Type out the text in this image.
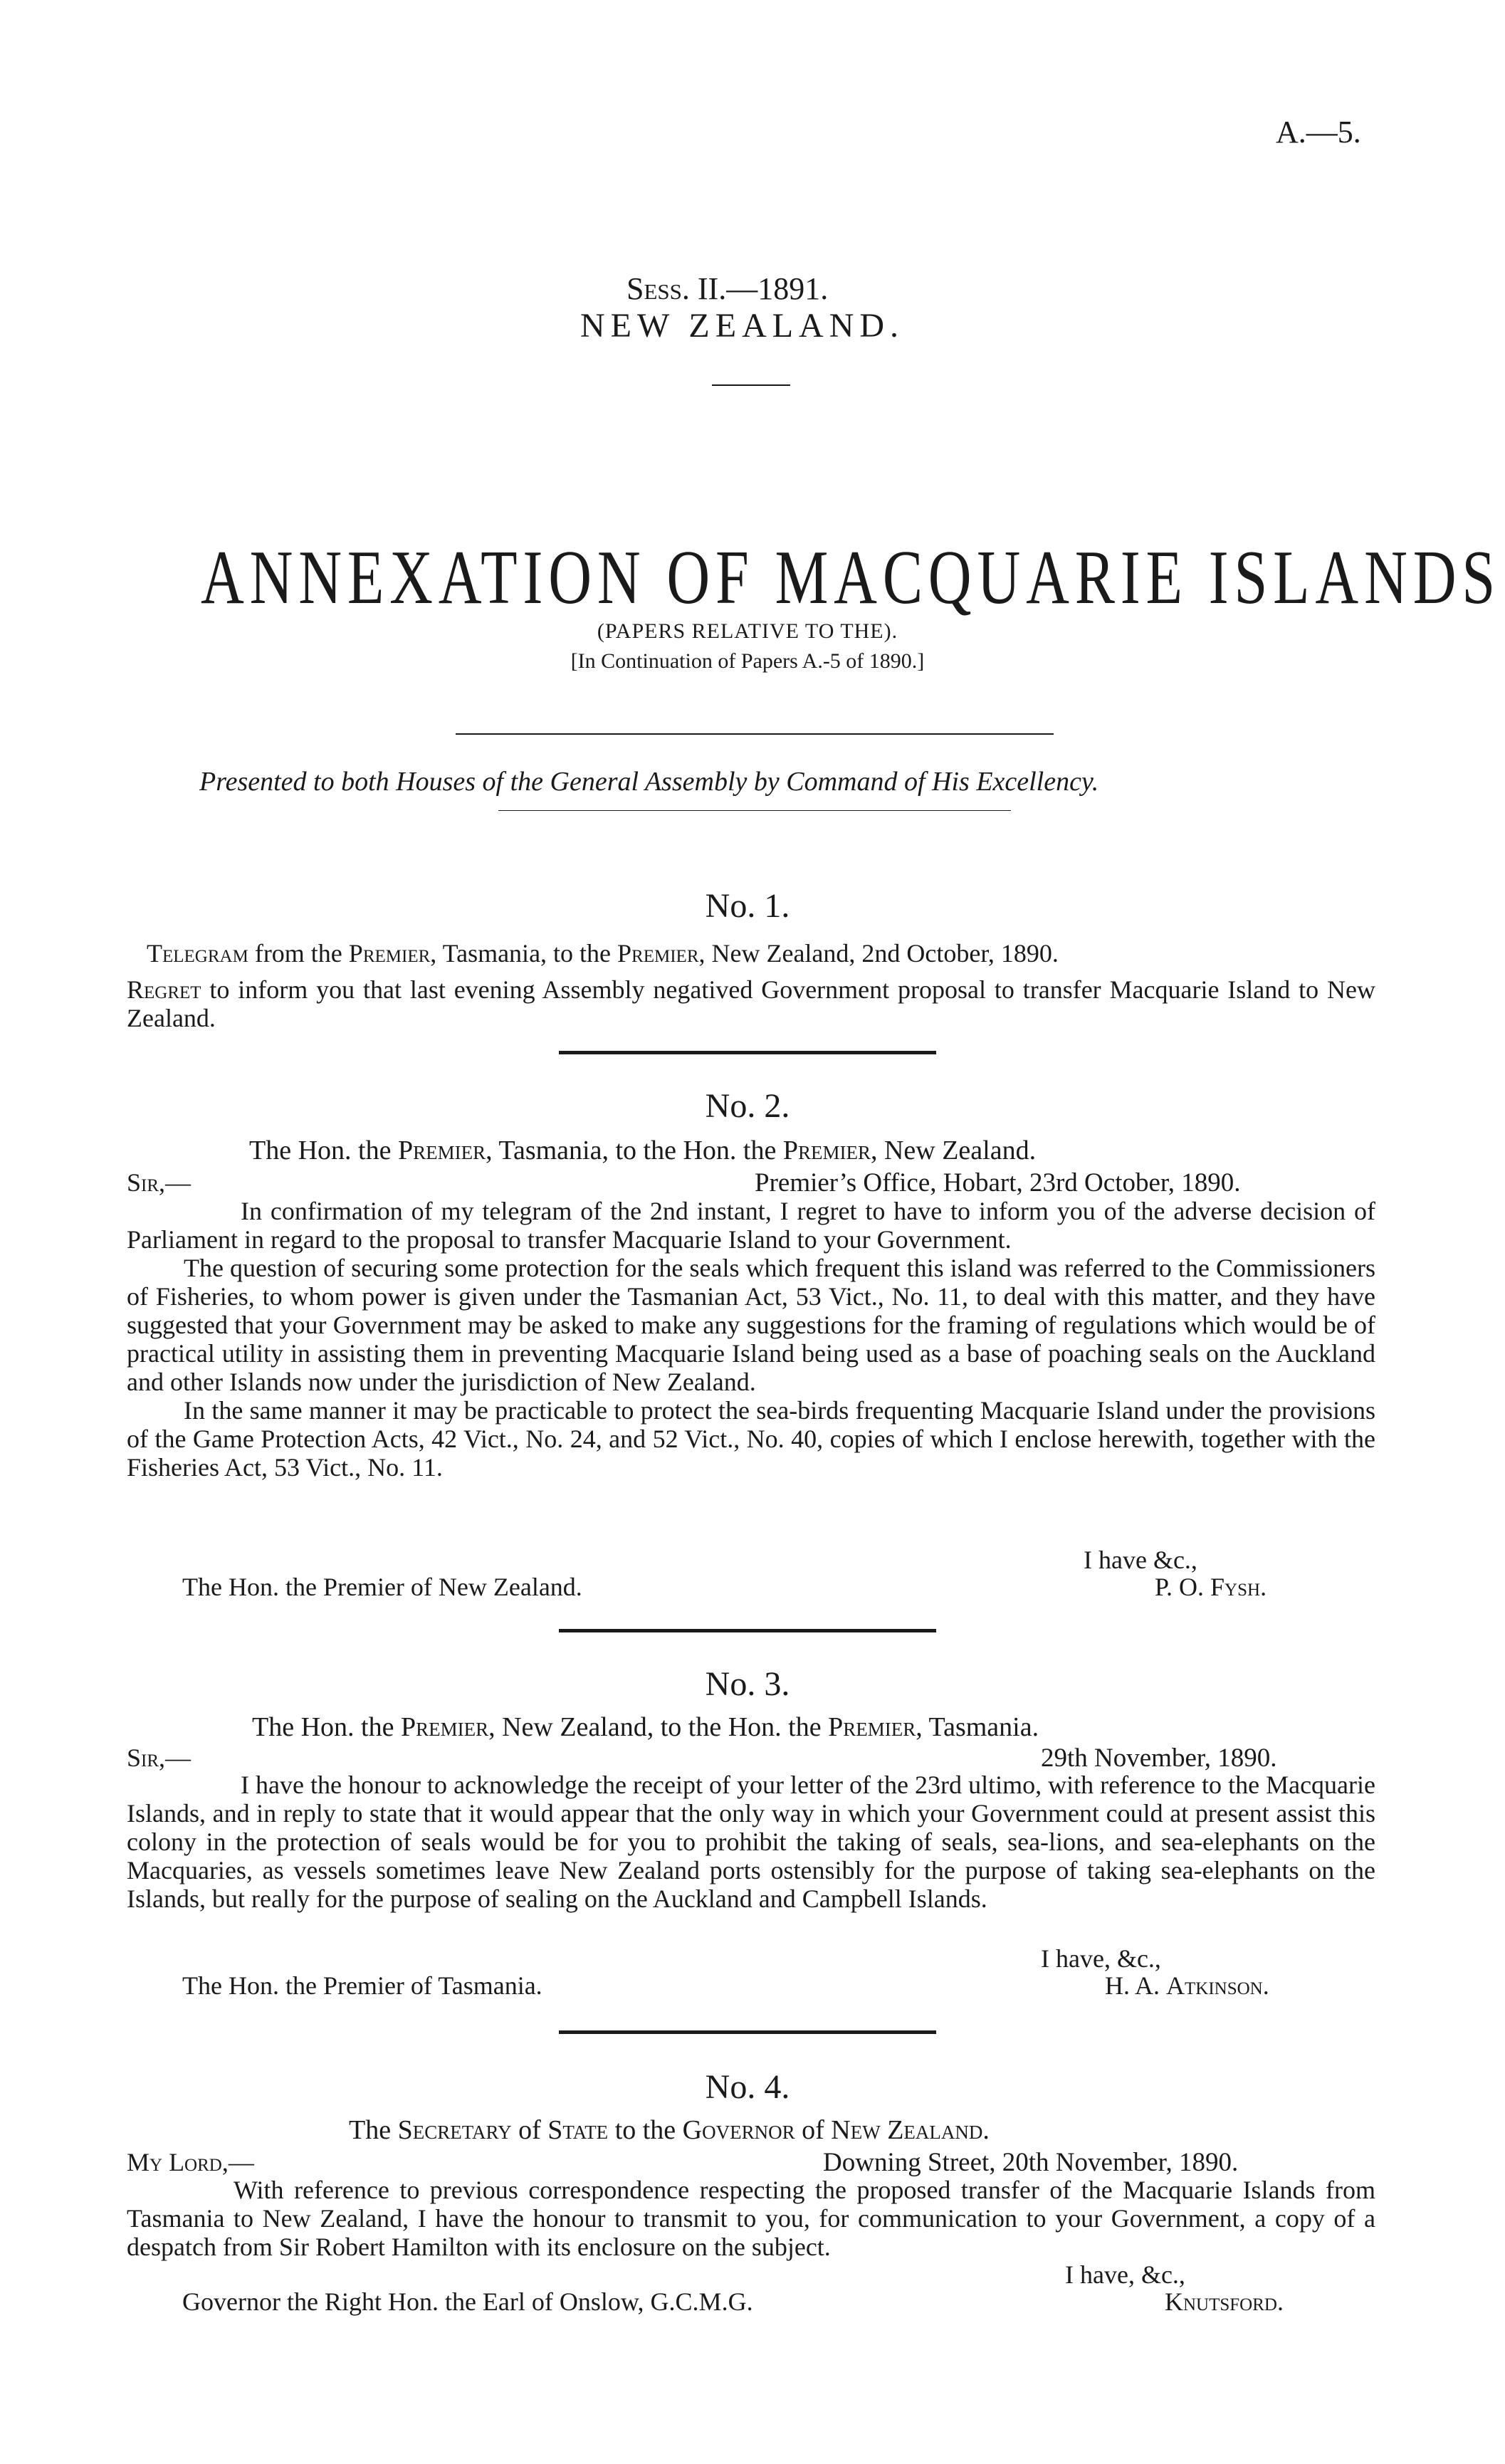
A.—5.
Sess. II.—1891.
NEW ZEALAND.
ANNEXATION OF MACQUARIE ISLANDS
(PAPERS RELATIVE TO THE).
[In Continuation of Papers A.-5 of 1890.]
Presented to both Houses of the General Assembly by Command of His Excellency.
No. 1.
Telegram from the Premier, Tasmania, to the Premier, New Zealand, 2nd October, 1890.

Regret to inform you that last evening Assembly negatived Government proposal to transfer Macquarie Island to New Zealand.

No. 2.
The Hon. the Premier, Tasmania, to the Hon. the Premier, New Zealand.
Sir,—	Premier’s Office, Hobart, 23rd October, 1890.

In confirmation of my telegram of the 2nd instant, I regret to have to inform you of the adverse decision of Parliament in regard to the proposal to transfer Macquarie Island to your Government.

The question of securing some protection for the seals which frequent this island was referred to the Commissioners of Fisheries, to whom power is given under the Tasmanian Act, 53 Vict., No. 11, to deal with this matter, and they have suggested that your Government may be asked to make any suggestions for the framing of regulations which would be of practical utility in assisting them in preventing Macquarie Island being used as a base of poaching seals on the Auckland and other Islands now under the jurisdiction of New Zealand.

In the same manner it may be practicable to protect the sea-birds frequenting Macquarie Island under the provisions of the Game Protection Acts, 42 Vict., No. 24, and 52 Vict., No. 40, copies of which I enclose herewith, together with the Fisheries Act, 53 Vict., No. 11.

I have &c.,
The Hon. the Premier of New Zealand.	P. O. Fysh.
No. 3.
The Hon. the Premier, New Zealand, to the Hon. the Premier, Tasmania.
Sir,—	29th November, 1890.

I have the honour to acknowledge the receipt of your letter of the 23rd ultimo, with reference to the Macquarie Islands, and in reply to state that it would appear that the only way in which your Government could at present assist this colony in the protection of seals would be for you to prohibit the taking of seals, sea-lions, and sea-elephants on the Macquaries, as vessels sometimes leave New Zealand ports ostensibly for the purpose of taking sea-elephants on the Islands, but really for the purpose of sealing on the Auckland and Campbell Islands.

I have, &c.,
The Hon. the Premier of Tasmania.	H. A. Atkinson.
No. 4.
The Secretary of State to the Governor of New Zealand.
My Lord,—	Downing Street, 20th November, 1890.

With reference to previous correspondence respecting the proposed transfer of the Macquarie Islands from Tasmania to New Zealand, I have the honour to transmit to you, for communication to your Government, a copy of a despatch from Sir Robert Hamilton with its enclosure on the subject.

I have, &c.,
Governor the Right Hon. the Earl of Onslow, G.C.M.G.	Knutsford.
